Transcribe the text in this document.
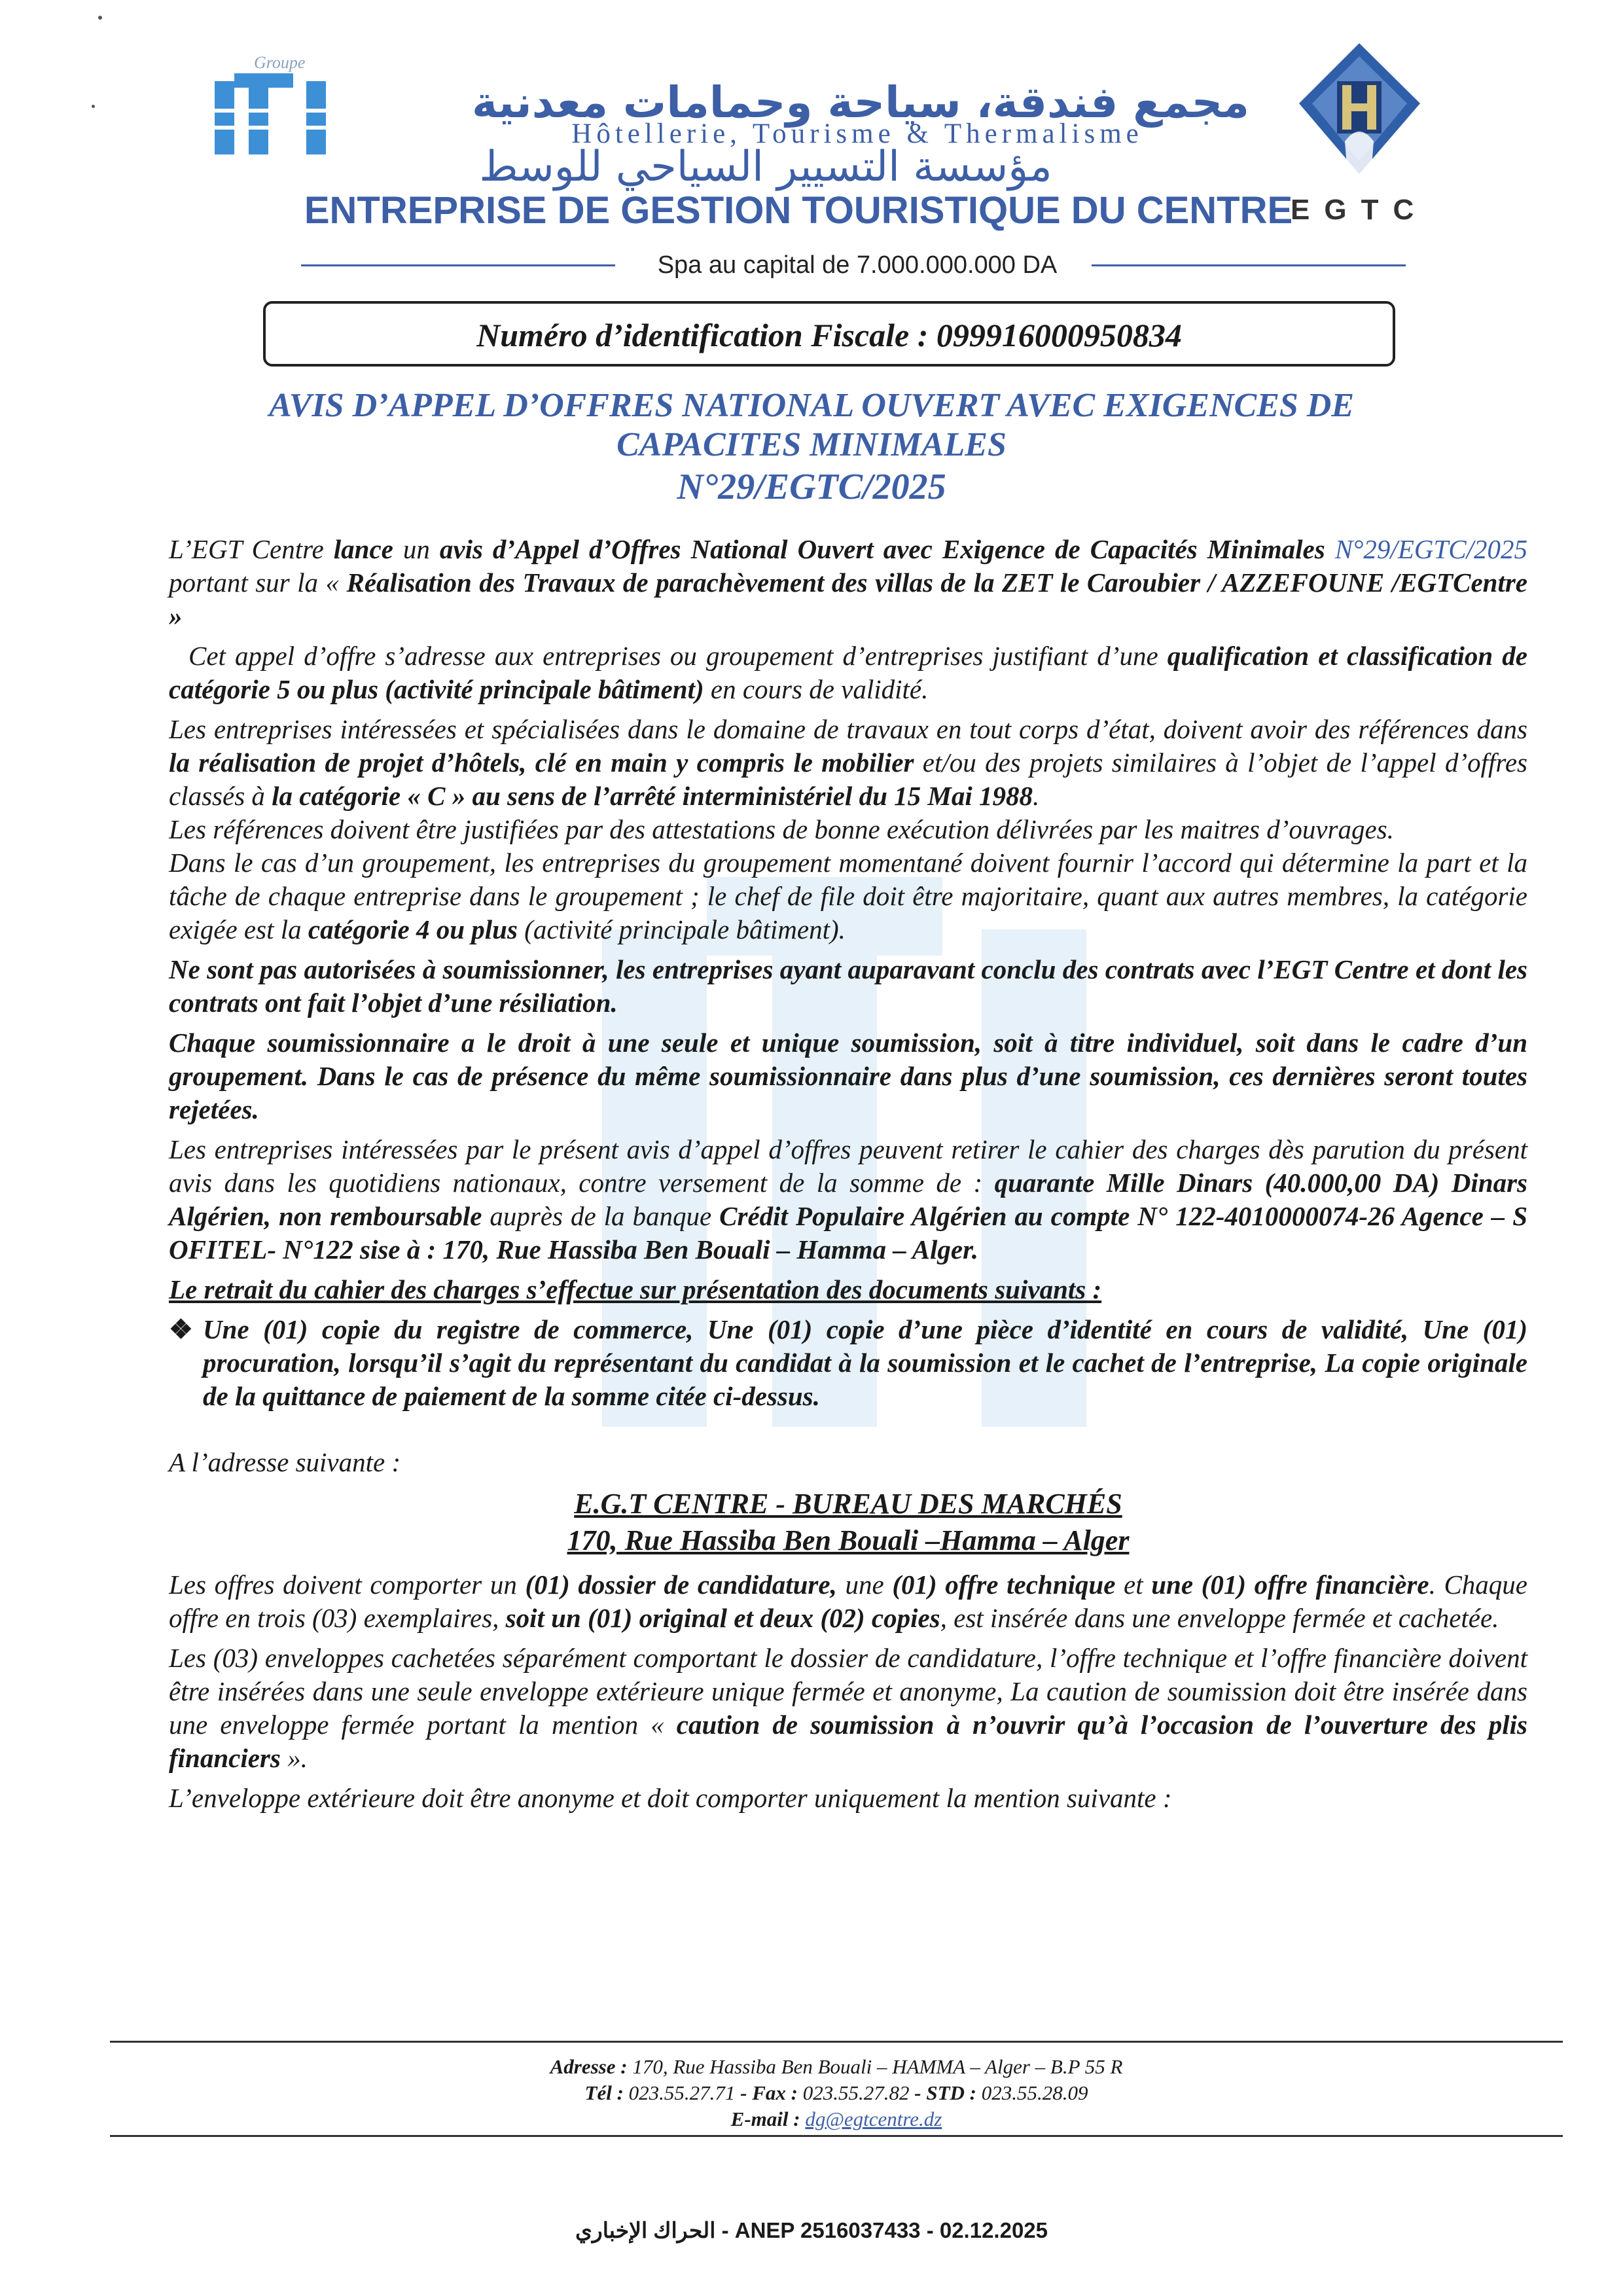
Groupe
مجمع فندقة، سياحة وحمامات معدنية
Hôtellerie, Tourisme & Thermalisme
مؤسسة التسيير السياحي للوسط
ENTREPRISE DE GESTION TOURISTIQUE DU CENTRE
EGTC
Spa au capital de 7.000.000.000 DA
Numéro d’identification Fiscale : 099916000950834
AVIS D’APPEL D’OFFRES NATIONAL OUVERT AVEC EXIGENCES DE
CAPACITES MINIMALES
N°29/EGTC/2025

L’EGT Centre lance un avis d’Appel d’Offres National Ouvert avec Exigence de Capacités Minimales N°29/EGTC/2025 portant sur la « Réalisation des Travaux de parachèvement des villas de la ZET le Caroubier / AZZEFOUNE /EGTCentre »

Cet appel d’offre s’adresse aux entreprises ou groupement d’entreprises justifiant d’une qualification et classification de catégorie 5 ou plus (activité principale bâtiment) en cours de validité.

Les entreprises intéressées et spécialisées dans le domaine de travaux en tout corps d’état, doivent avoir des références dans la réalisation de projet d’hôtels, clé en main y compris le mobilier et/ou des projets similaires à l’objet de l’appel d’offres classés à la catégorie « C » au sens de l’arrêté interministériel du 15 Mai 1988.

Les références doivent être justifiées par des attestations de bonne exécution délivrées par les maitres d’ouvrages.

Dans le cas d’un groupement, les entreprises du groupement momentané doivent fournir l’accord qui détermine la part et la tâche de chaque entreprise dans le groupement ; le chef de file doit être majoritaire, quant aux autres membres, la catégorie exigée est la catégorie 4 ou plus (activité principale bâtiment).

Ne sont pas autorisées à soumissionner, les entreprises ayant auparavant conclu des contrats avec l’EGT Centre et dont les contrats ont fait l’objet d’une résiliation.

Chaque soumissionnaire a le droit à une seule et unique soumission, soit à titre individuel, soit dans le cadre d’un groupement. Dans le cas de présence du même soumissionnaire dans plus d’une soumission, ces dernières seront toutes rejetées.

Les entreprises intéressées par le présent avis d’appel d’offres peuvent retirer le cahier des charges dès parution du présent avis dans les quotidiens nationaux, contre versement de la somme de : quarante Mille Dinars (40.000,00 DA) Dinars Algérien, non remboursable auprès de la banque Crédit Populaire Algérien au compte N° 122-4010000074-26 Agence – S OFITEL- N°122 sise à : 170, Rue Hassiba Ben Bouali – Hamma – Alger.

Le retrait du cahier des charges s’effectue sur présentation des documents suivants :

❖ Une (01) copie du registre de commerce, Une (01) copie d’une pièce d’identité en cours de validité, Une (01) procuration, lorsqu’il s’agit du représentant du candidat à la soumission et le cachet de l’entreprise, La copie originale de la quittance de paiement de la somme citée ci-dessus.

A l’adresse suivante :

E.G.T CENTRE - BUREAU DES MARCHÉS

170, Rue Hassiba Ben Bouali –Hamma – Alger

Les offres doivent comporter un (01) dossier de candidature, une (01) offre technique et une (01) offre financière. Chaque offre en trois (03) exemplaires, soit un (01) original et deux (02) copies, est insérée dans une enveloppe fermée et cachetée.

Les (03) enveloppes cachetées séparément comportant le dossier de candidature, l’offre technique et l’offre financière doivent être insérées dans une seule enveloppe extérieure unique fermée et anonyme, La caution de soumission doit être insérée dans une enveloppe fermée portant la mention « caution de soumission à n’ouvrir qu’à l’occasion de l’ouverture des plis financiers ».

L’enveloppe extérieure doit être anonyme et doit comporter uniquement la mention suivante :

Adresse : 170, Rue Hassiba Ben Bouali – HAMMA – Alger – B.P 55 R
Tél : 023.55.27.71 - Fax : 023.55.27.82 - STD : 023.55.28.09
E-mail : dg@egtcentre.dz
الحراك الإخباري - ANEP 2516037433 - 02.12.2025
